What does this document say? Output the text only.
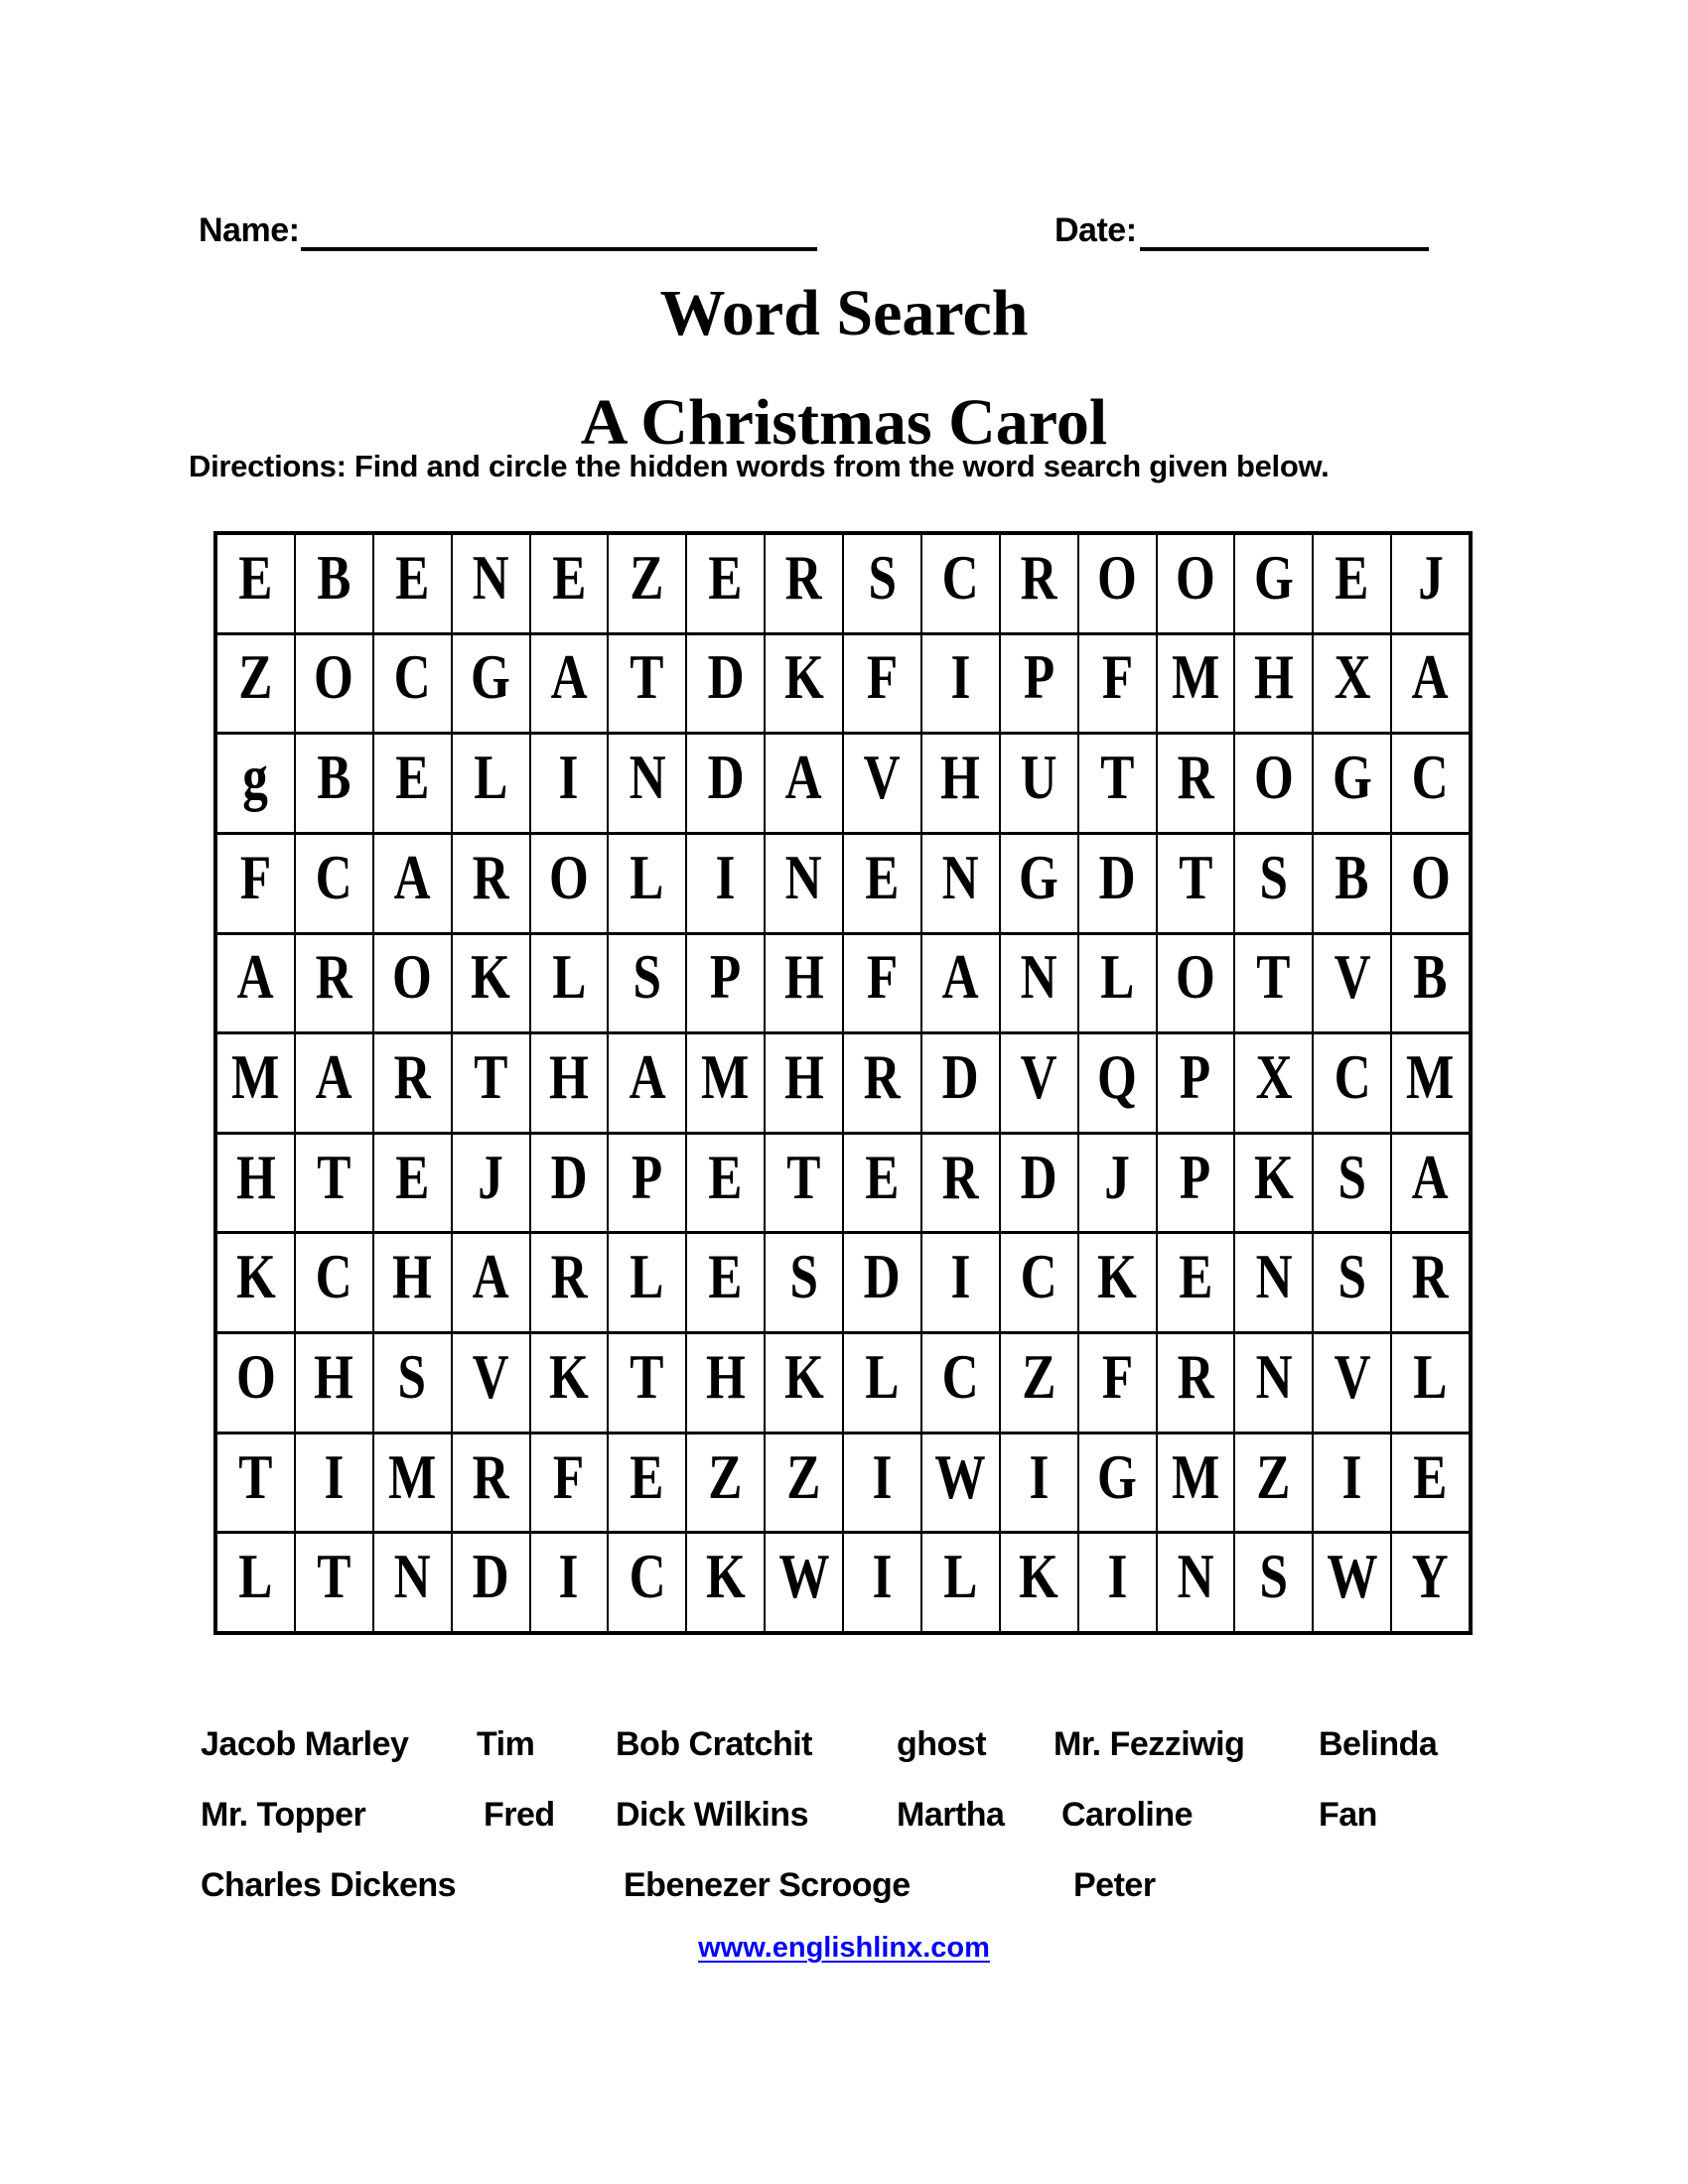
Name:	Date:
Word Search
A Christmas Carol
Directions: Find and circle the hidden words from the word search given below.
E B E N E Z E R S C R O O G E J
Z O C G A T D K F I P F M H X A
g B E L I N D A V H U T R O G C
F C A R O L I N E N G D T S B O
A R O K L S P H F A N L O T V B
M A R T H A M H R D V Q P X C M
H T E J D P E T E R D J P K S A
K C H A R L E S D I C K E N S R
O H S V K T H K L C Z F R N V L
T I M R F E Z Z I W I G M Z I E
L T N D I C K W I L K I N S W Y
Jacob Marley Tim Bob Cratchit	ghost Mr. Fezziwig Belinda
Mr. Topper	Fred Dick Wilkins	Martha Caroline	Fan
Charles Dickens	Ebenezer Scrooge	Peter
www.englishlinx.com
